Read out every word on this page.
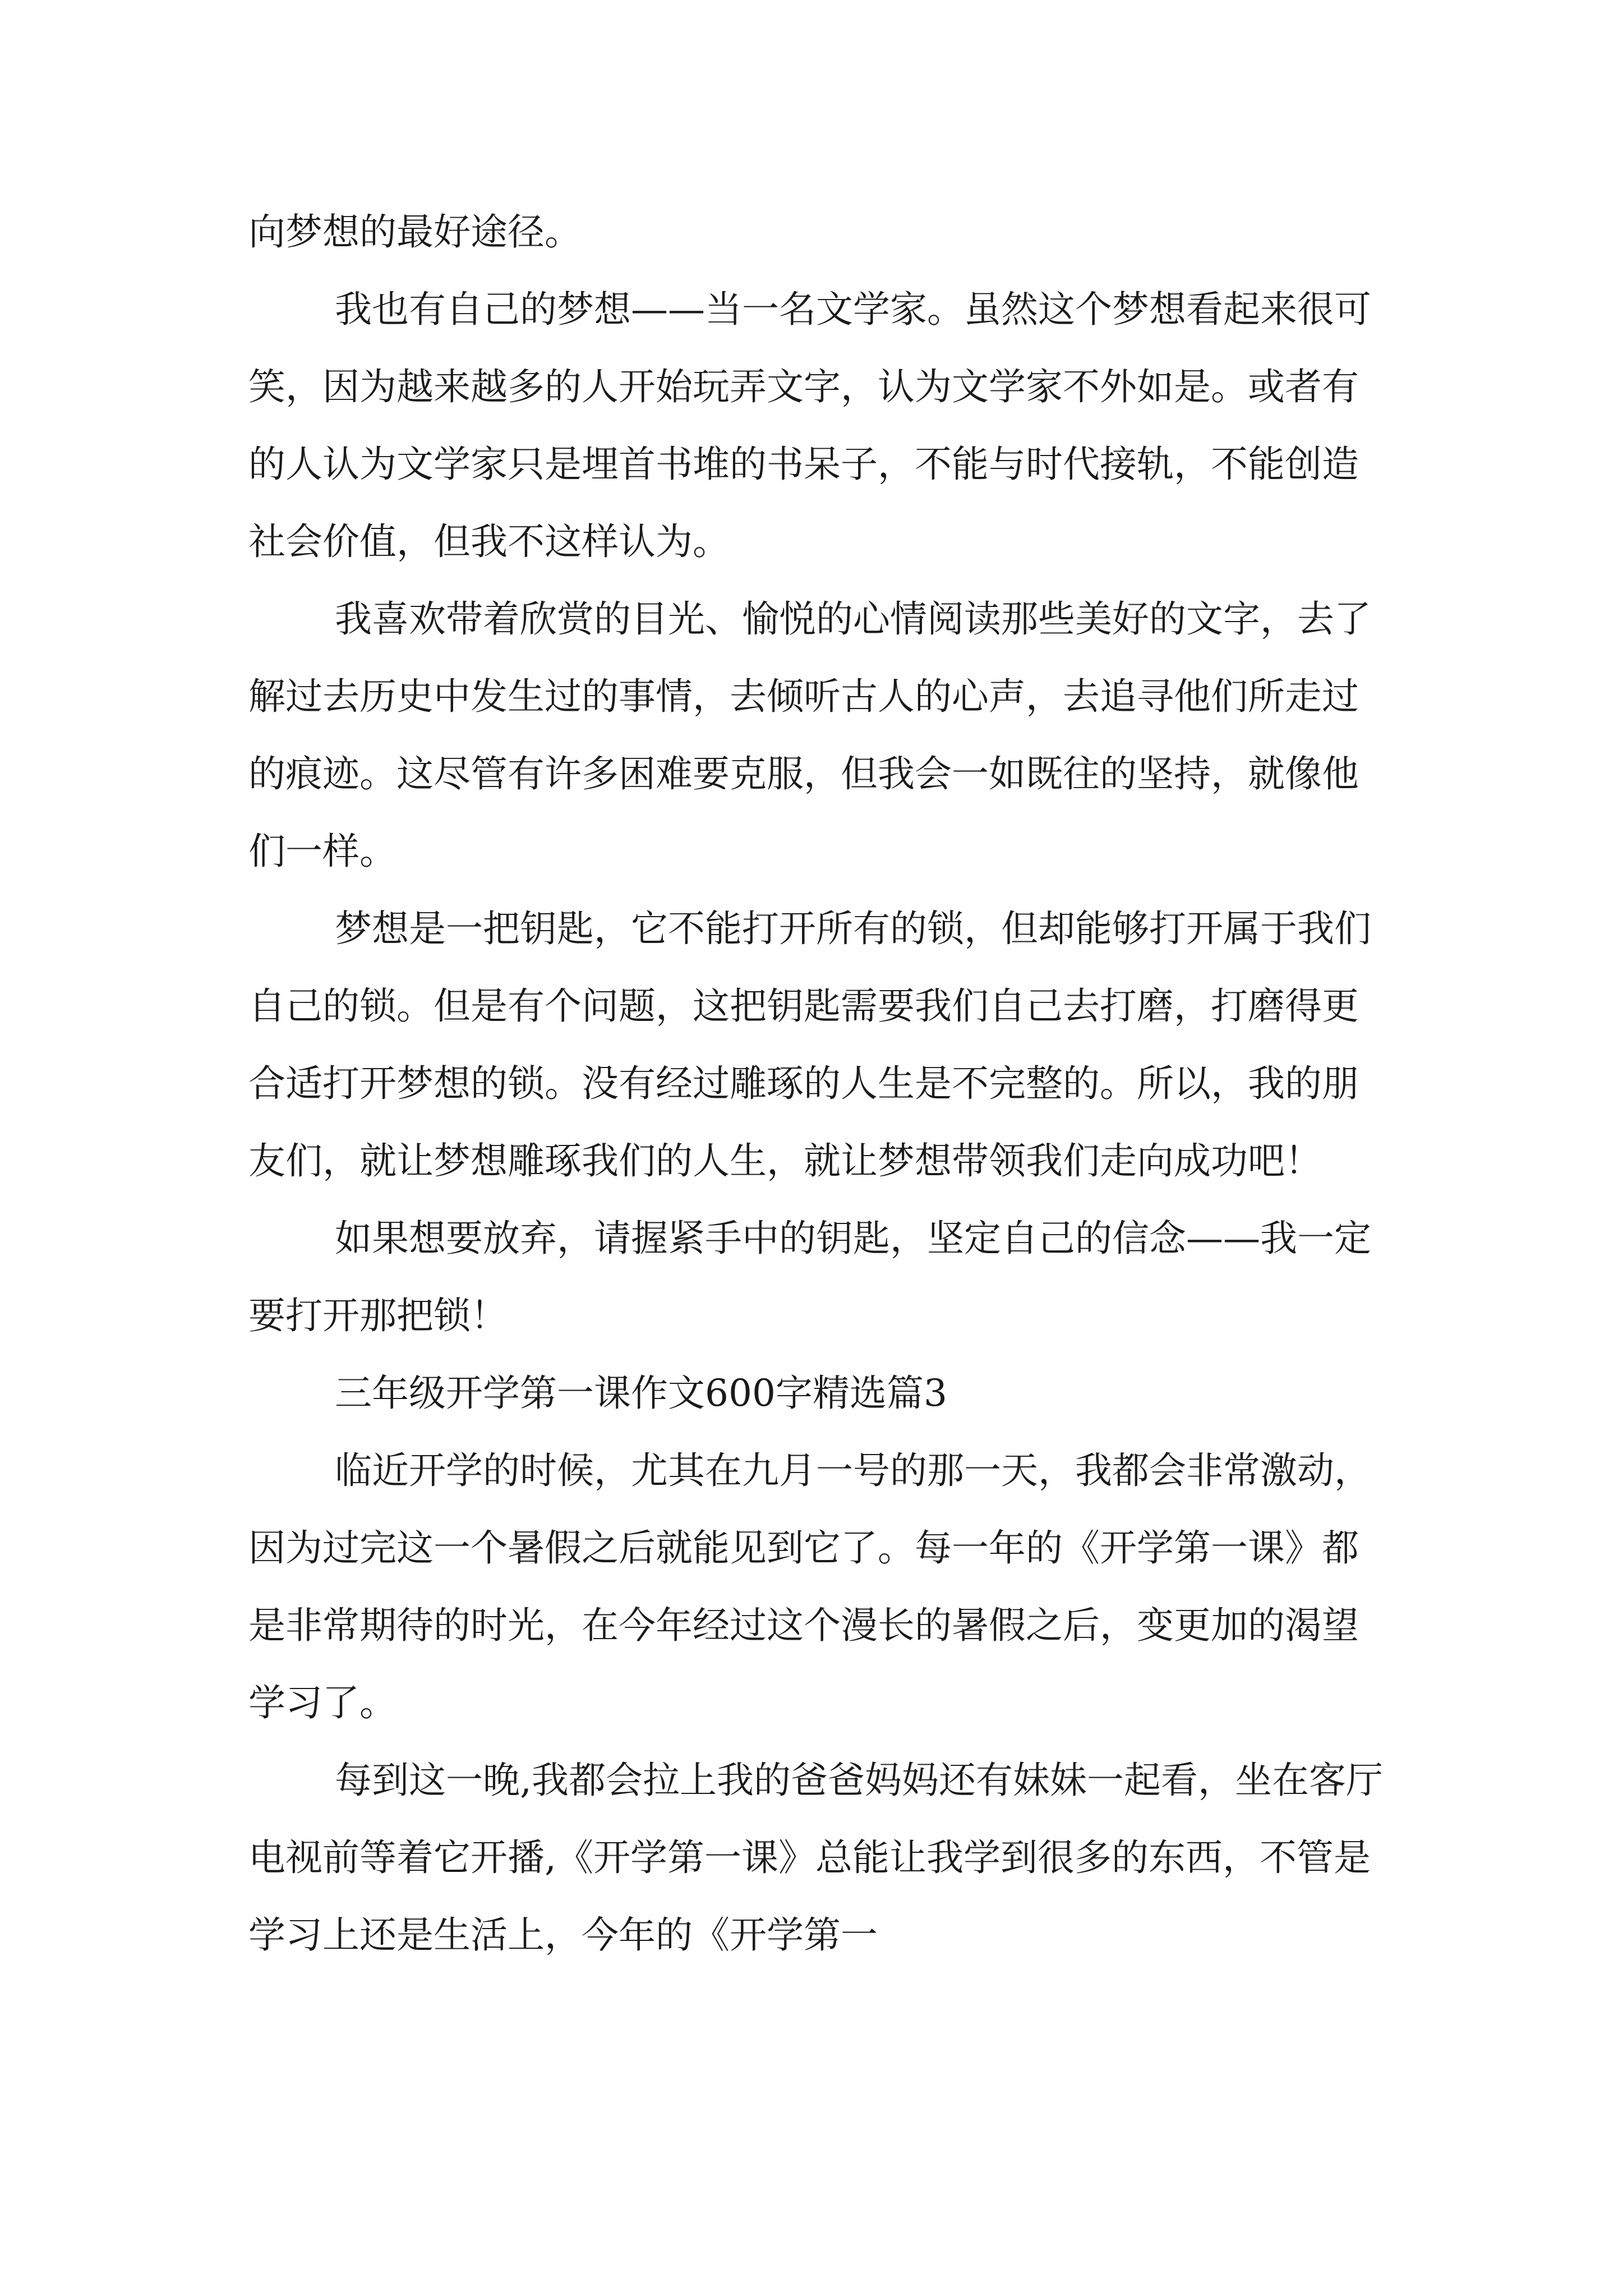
向梦想的最好途径。

我也有自己的梦想——当一名文学家。虽然这个梦想看起来很可笑，因为越来越多的人开始玩弄文字，认为文学家不外如是。或者有的人认为文学家只是埋首书堆的书呆子，不能与时代接轨，不能创造社会价值，但我不这样认为。

我喜欢带着欣赏的目光、愉悦的心情阅读那些美好的文字，去了解过去历史中发生过的事情，去倾听古人的心声，去追寻他们所走过的痕迹。这尽管有许多困难要克服，但我会一如既往的坚持，就像他们一样。

梦想是一把钥匙，它不能打开所有的锁，但却能够打开属于我们自己的锁。但是有个问题，这把钥匙需要我们自己去打磨，打磨得更合适打开梦想的锁。没有经过雕琢的人生是不完整的。所以，我的朋友们，就让梦想雕琢我们的人生，就让梦想带领我们走向成功吧！

如果想要放弃，请握紧手中的钥匙，坚定自己的信念——我一定要打开那把锁！

三年级开学第一课作文600字精选篇3

临近开学的时候，尤其在九月一号的那一天，我都会非常激动，因为过完这一个暑假之后就能见到它了。每一年的《开学第一课》都是非常期待的时光，在今年经过这个漫长的暑假之后，变更加的渴望学习了。

每到这一晚,我都会拉上我的爸爸妈妈还有妹妹一起看，坐在客厅电视前等着它开播,《开学第一课》总能让我学到很多的东西，不管是学习上还是生活上，今年的《开学第一
